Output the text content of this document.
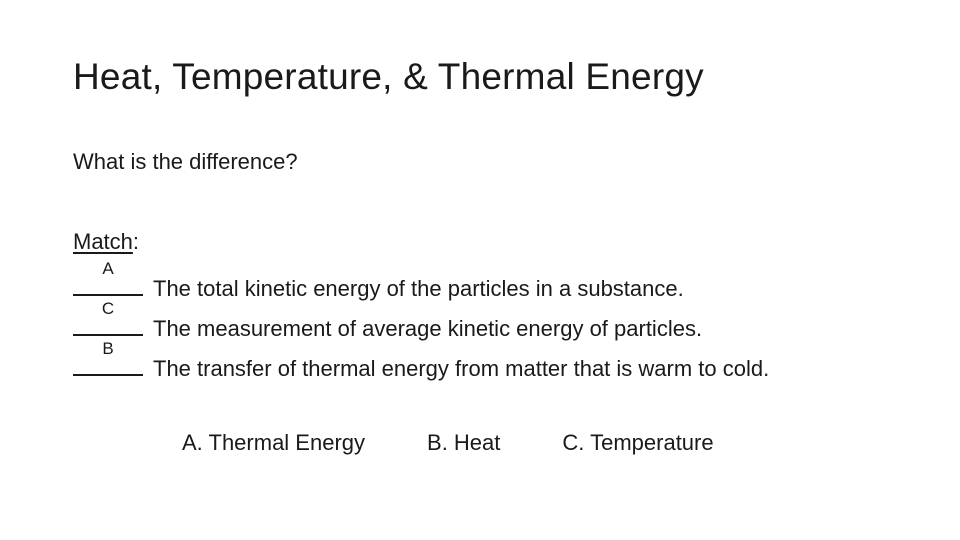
Heat, Temperature, & Thermal Energy
What is the difference?
Match:
A
The total kinetic energy of the particles in a substance.
C
The measurement of average kinetic energy of particles.
B
The transfer of thermal energy from matter that is warm to cold.
A. Thermal Energy	B. Heat	C. Temperature
